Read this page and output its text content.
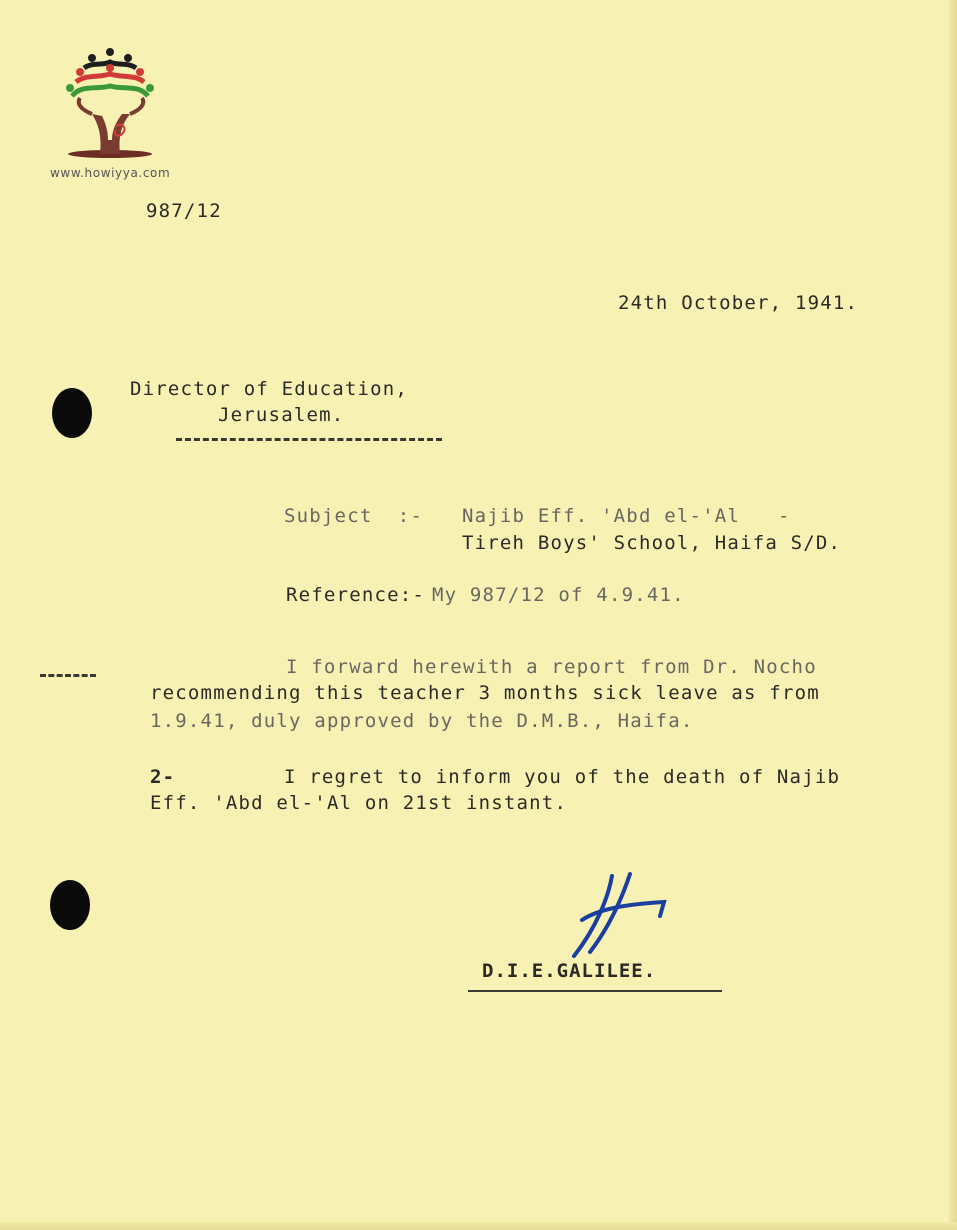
www.howiyya.com
987/12
24th October, 1941.
Director of Education,
Jerusalem.
Subject  :- Najib Eff. 'Abd el-'Al   -
Tireh Boys' School, Haifa S/D.
Reference:- My 987/12 of 4.9.41.
I forward herewith a report from Dr. Nocho
recommending this teacher 3 months sick leave as from
1.9.41, duly approved by the D.M.B., Haifa.
2-	I regret to inform you of the death of Najib
Eff. 'Abd el-'Al on 21st instant.
D.I.E.GALILEE.
